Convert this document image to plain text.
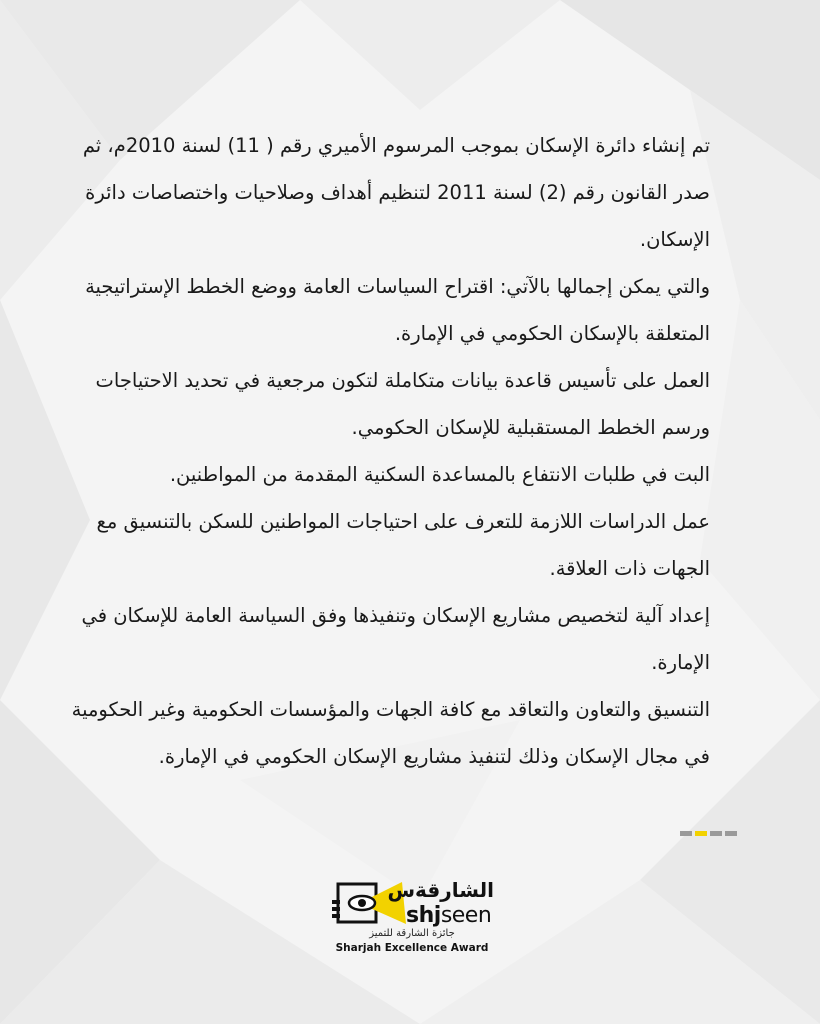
تم إنشاء دائرة الإسكان بموجب المرسوم الأميري رقم ( 11) لسنة 2010م، ثم
صدر القانون رقم (2) لسنة 2011 لتنظيم أهداف وصلاحيات واختصاصات دائرة
الإسكان.
والتي يمكن إجمالها بالآتي: اقتراح السياسات العامة ووضع الخطط الإستراتيجية
المتعلقة بالإسكان الحكومي في الإمارة.
العمل على تأسيس قاعدة بيانات متكاملة لتكون مرجعية في تحديد الاحتياجات
ورسم الخطط المستقبلية للإسكان الحكومي.
البت في طلبات الانتفاع بالمساعدة السكنية المقدمة من المواطنين.
عمل الدراسات اللازمة للتعرف على احتياجات المواطنين للسكن بالتنسيق مع
الجهات ذات العلاقة.
إعداد آلية لتخصيص مشاريع الإسكان وتنفيذها وفق السياسة العامة للإسكان في
الإمارة.
التنسيق والتعاون والتعاقد مع كافة الجهات والمؤسسات الحكومية وغير الحكومية
في مجال الإسكان وذلك لتنفيذ مشاريع الإسكان الحكومي في الإمارة.
الشارقةس
shjseen
جائزة الشارقة للتميز
Sharjah Excellence Award
